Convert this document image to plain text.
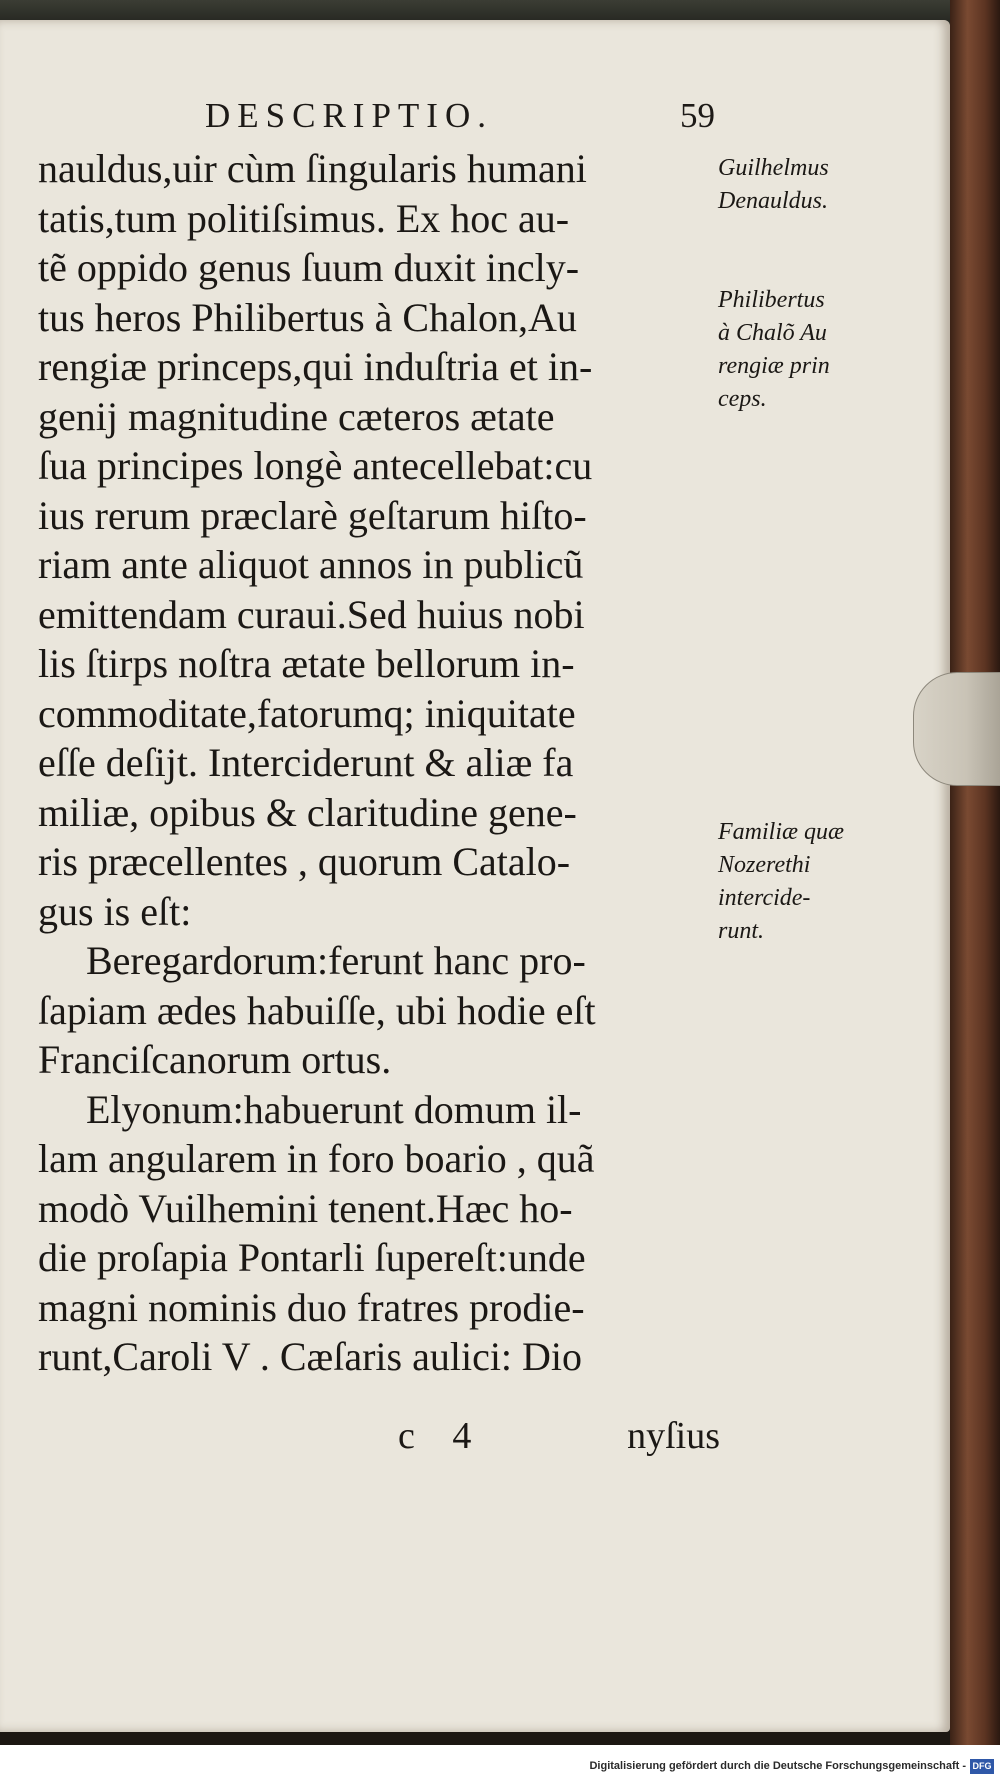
DESCRIPTIO.	59
nauldus,uir cùm ſingularis humani
tatis,tum politiſsimus. Ex hoc au-
tẽ oppido genus ſuum duxit incly-
tus heros Philibertus à Chalon,Au
rengiæ princeps,qui induſtria et in-
genij magnitudine cæteros ætate
ſua principes longè antecellebat:cu
ius rerum præclarè geſtarum hiſto-
riam ante aliquot annos in publicũ
emittendam curaui.Sed huius nobi
lis ſtirps noſtra ætate bellorum in-
commoditate,fatorumq; iniquitate
eſſe deſijt. Interciderunt & aliæ fa
miliæ, opibus & claritudine gene-
ris præcellentes , quorum Catalo-
gus is eſt:
Beregardorum:ferunt hanc pro-
ſapiam ædes habuiſſe, ubi hodie eſt
Franciſcanorum ortus.
Elyonum:habuerunt domum il-
lam angularem in foro boario , quã
modò Vuilhemini tenent.Hæc ho-
die proſapia Pontarli ſupereſt:unde
magni nominis duo fratres prodie-
runt,Caroli V . Cæſaris aulici: Dio
Guilhelmus
Denauldus.
Philibertus
à Chalõ Au
rengiæ prin
ceps.
Familiæ quæ
Nozerethi
intercide-
runt.
c 4	nyſius
Digitalisierung gefördert durch die Deutsche Forschungsgemeinschaft - DFG
